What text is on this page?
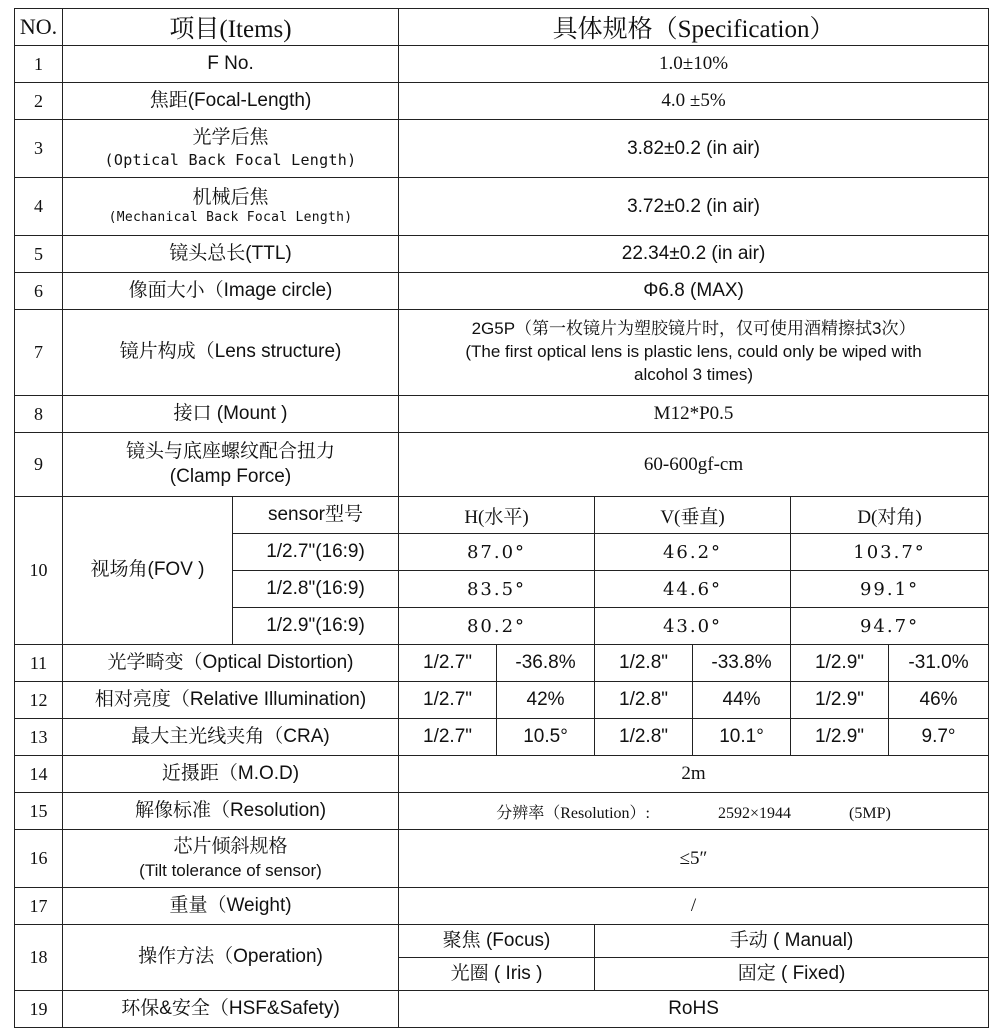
NO.	项目(Items)		具体规格（Specification）					
1	F No.		1.0±10%					
2	焦距(Focal-Length)		4.0 ±5%					
3	光学后焦
(Optical Back Focal Length)		3.82±0.2 (in air)					
4	机械后焦
(Mechanical Back Focal Length)		3.72±0.2 (in air)					
5	镜头总长(TTL)		22.34±0.2 (in air)					
6	像面大小（Image circle)		Φ6.8 (MAX)					
7	镜片构成（Lens structure)		2G5P（第一枚镜片为塑胶镜片时，仅可使用酒精擦拭3次）
(The first optical lens is plastic lens, could only be wiped with
alcohol 3 times)					

8	接口 (Mount )		M12*P0.5					
9	镜头与底座螺纹配合扭力
(Clamp Force)		60-600gf-cm					
10	视场角(FOV )	sensor型号	H(水平)		V(垂直)		D(对角)	
		1/2.7"(16:9)	87.0°		46.2°		103.7°	
		1/2.8"(16:9)	83.5°		44.6°		99.1°	
		1/2.9"(16:9)	80.2°		43.0°		94.7°	
11	光学畸变（Optical Distortion)		1/2.7"	-36.8%	1/2.8"	-33.8%	1/2.9"	-31.0%
12	相对亮度（Relative Illumination)		1/2.7"	42%	1/2.8"	44%	1/2.9"	46%
13	最大主光线夹角（CRA)		1/2.7"	10.5°	1/2.8"	10.1°	1/2.9"	9.7°
14	近摄距（M.O.D)		2m					
15	解像标准（Resolution)		分辨率（Resolution）: 2592×1944 (5MP)					
16	芯片倾斜规格
(Tilt tolerance of sensor)		≤5″					
17	重量（Weight)		/					
18	操作方法（Operation)		聚焦 (Focus)		手动 ( Manual)			
			光圈 ( Iris )		固定 ( Fixed)			
19	环保&安全（HSF&Safety)		RoHS					
